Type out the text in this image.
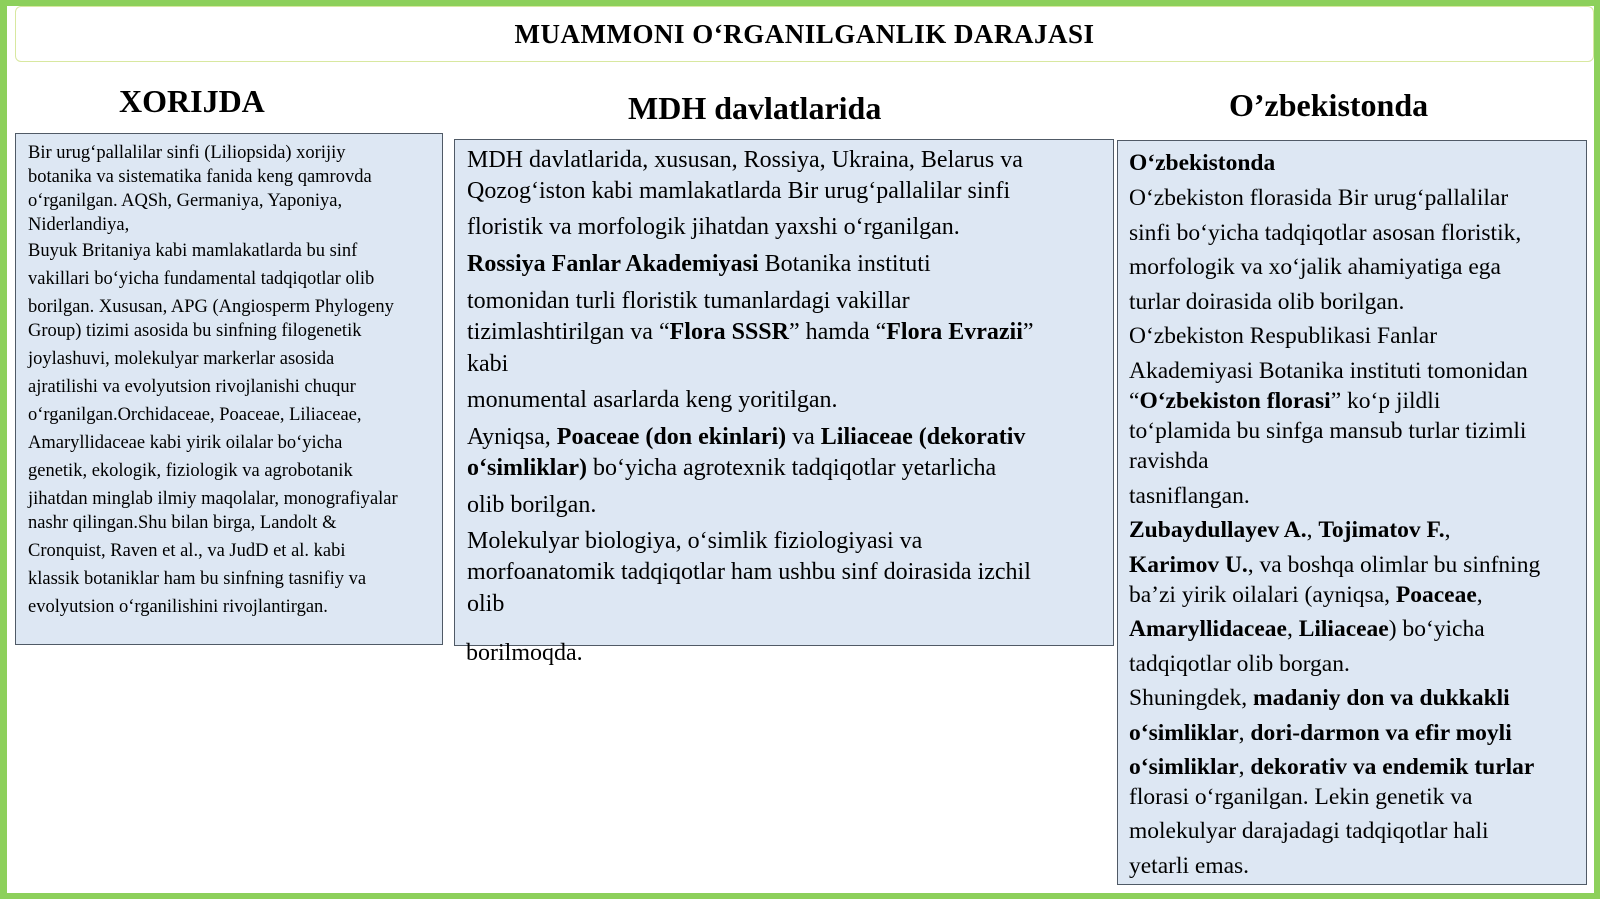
MUAMMONI O‘RGANILGANLIK DARAJASI
XORIJDA	MDH davlatlarida	O’zbekistonda
Bir urug‘pallalilar sinfi (Liliopsida) xorijiy
botanika va sistematika fanida keng qamrovda
o‘rganilgan. AQSh, Germaniya, Yaponiya,
Niderlandiya,
Buyuk Britaniya kabi mamlakatlarda bu sinf
vakillari bo‘yicha fundamental tadqiqotlar olib
borilgan. Xususan, APG (Angiosperm Phylogeny
Group) tizimi asosida bu sinfning filogenetik
joylashuvi, molekulyar markerlar asosida
ajratilishi va evolyutsion rivojlanishi chuqur
o‘rganilgan.Orchidaceae, Poaceae, Liliaceae,
Amaryllidaceae kabi yirik oilalar bo‘yicha
genetik, ekologik, fiziologik va agrobotanik
jihatdan minglab ilmiy maqolalar, monografiyalar
nashr qilingan.Shu bilan birga, Landolt &
Cronquist, Raven et al., va JudD et al. kabi
klassik botaniklar ham bu sinfning tasnifiy va
evolyutsion o‘rganilishini rivojlantirgan.
MDH davlatlarida, xususan, Rossiya, Ukraina, Belarus va
Qozog‘iston kabi mamlakatlarda Bir urug‘pallalilar sinfi
floristik va morfologik jihatdan yaxshi o‘rganilgan.
Rossiya Fanlar Akademiyasi Botanika instituti
tomonidan turli floristik tumanlardagi vakillar
tizimlashtirilgan va “Flora SSSR” hamda “Flora Evrazii”
kabi
monumental asarlarda keng yoritilgan.
Ayniqsa, Poaceae (don ekinlari) va Liliaceae (dekorativ
o‘simliklar) bo‘yicha agrotexnik tadqiqotlar yetarlicha
olib borilgan.
Molekulyar biologiya, o‘simlik fiziologiyasi va
morfoanatomik tadqiqotlar ham ushbu sinf doirasida izchil
olib
borilmoqda.
O‘zbekistonda
O‘zbekiston florasida Bir urug‘pallalilar
sinfi bo‘yicha tadqiqotlar asosan floristik,
morfologik va xo‘jalik ahamiyatiga ega
turlar doirasida olib borilgan.
O‘zbekiston Respublikasi Fanlar
Akademiyasi Botanika instituti tomonidan
“O‘zbekiston florasi” ko‘p jildli
to‘plamida bu sinfga mansub turlar tizimli
ravishda
tasniflangan.
Zubaydullayev A., Tojimatov F.,
Karimov U., va boshqa olimlar bu sinfning
ba’zi yirik oilalari (ayniqsa, Poaceae,
Amaryllidaceae, Liliaceae) bo‘yicha
tadqiqotlar olib borgan.
Shuningdek, madaniy don va dukkakli
o‘simliklar, dori-darmon va efir moyli
o‘simliklar, dekorativ va endemik turlar
florasi o‘rganilgan. Lekin genetik va
molekulyar darajadagi tadqiqotlar hali
yetarli emas.
